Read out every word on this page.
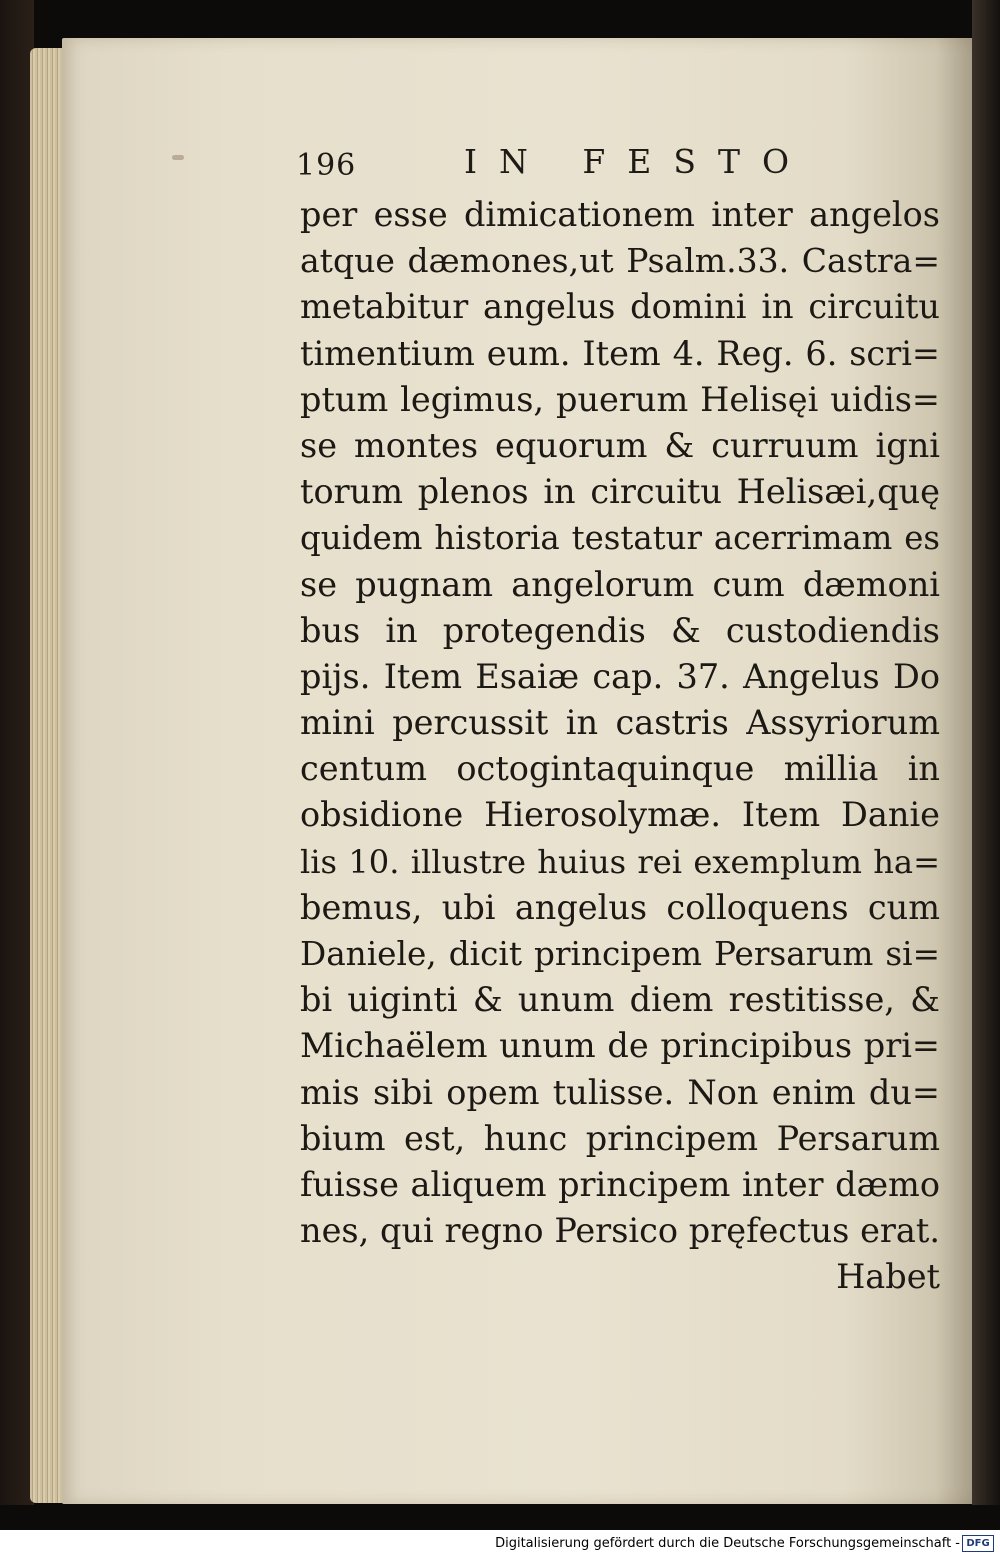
196	IN FESTO
per esse dimicationem inter angelos
atque dæmones,ut Psalm.33. Castra=
metabitur angelus domini in circuitu
timentium eum. Item 4. Reg. 6. scri=
ptum legimus, puerum Helisęi uidis=
se montes equorum & curruum igni
torum plenos in circuitu Helisæi,quę
quidem historia testatur acerrimam es
se pugnam angelorum cum dæmoni
bus in protegendis & custodiendis
pijs. Item Esaiæ cap. 37. Angelus Do
mini percussit in castris Assyriorum
centum octogintaquinque millia in
obsidione Hierosolymæ. Item Danie
lis 10. illustre huius rei exemplum ha=
bemus, ubi angelus colloquens cum
Daniele, dicit principem Persarum si=
bi uiginti & unum diem restitisse, &
Michaëlem unum de principibus pri=
mis sibi opem tulisse. Non enim du=
bium est, hunc principem Persarum
fuisse aliquem principem inter dæmo
nes, qui regno Persico pręfectus erat.
Habet
Digitalisierung gefördert durch die Deutsche Forschungsgemeinschaft - DFG
